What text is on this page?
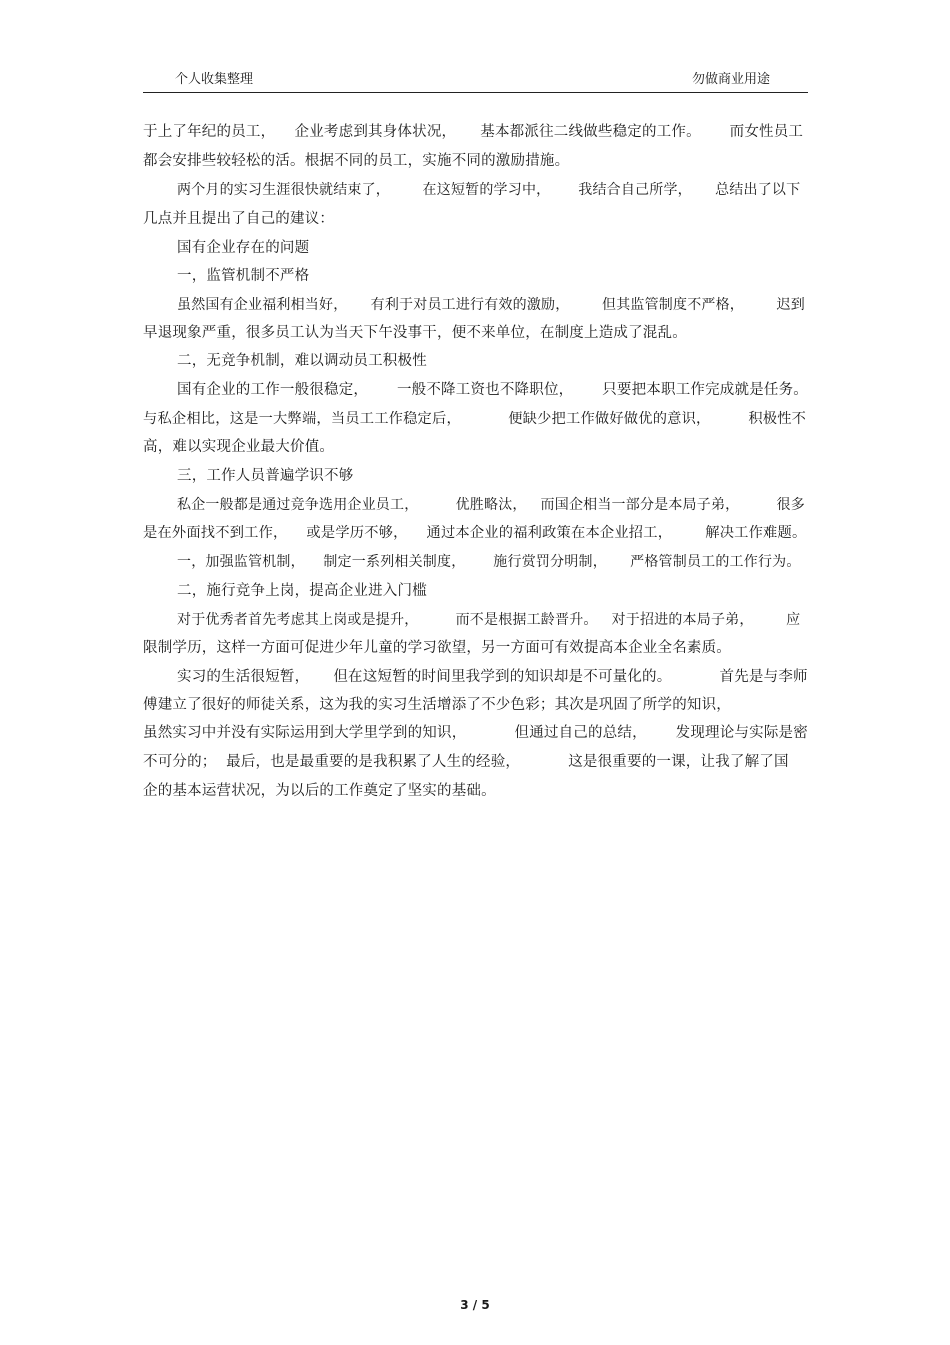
个人收集整理	勿做商业用途
于上了年纪的员工，    企业考虑到其身体状况，     基本都派往二线做些稳定的工作。      而女性员工
都会安排些较轻松的活。根据不同的员工，实施不同的激励措施。
两个月的实习生涯很快就结束了，       在这短暂的学习中，      我结合自己所学，     总结出了以下
几点并且提出了自己的建议：
国有企业存在的问题
一，监管机制不严格
虽然国有企业福利相当好，     有利于对员工进行有效的激励，       但其监管制度不严格，       迟到
早退现象严重，很多员工认为当天下午没事干，便不来单位，在制度上造成了混乱。
二，无竞争机制，难以调动员工积极性
国有企业的工作一般很稳定，      一般不降工资也不降职位，      只要把本职工作完成就是任务。
与私企相比，这是一大弊端，当员工工作稳定后，          便缺少把工作做好做优的意识，        积极性不
高，难以实现企业最大价值。
三，工作人员普遍学识不够
私企一般都是通过竞争选用企业员工，        优胜略汰，   而国企相当一部分是本局子弟，        很多
是在外面找不到工作，    或是学历不够，    通过本企业的福利政策在本企业招工，       解决工作难题。
一，加强监管机制，    制定一系列相关制度，      施行赏罚分明制，     严格管制员工的工作行为。
二，施行竞争上岗，提高企业进入门槛
对于优秀者首先考虑其上岗或是提升，        而不是根据工龄晋升。   对于招进的本局子弟，       应
限制学历，这样一方面可促进少年儿童的学习欲望，另一方面可有效提高本企业全名素质。
实习的生活很短暂，     但在这短暂的时间里我学到的知识却是不可量化的。          首先是与李师
傅建立了很好的师徒关系，这为我的实习生活增添了不少色彩；其次是巩固了所学的知识，
虽然实习中并没有实际运用到大学里学到的知识，          但通过自己的总结，      发现理论与实际是密
不可分的；  最后，也是最重要的是我积累了人生的经验，          这是很重要的一课，让我了解了国
企的基本运营状况，为以后的工作奠定了坚实的基础。
3 / 5
